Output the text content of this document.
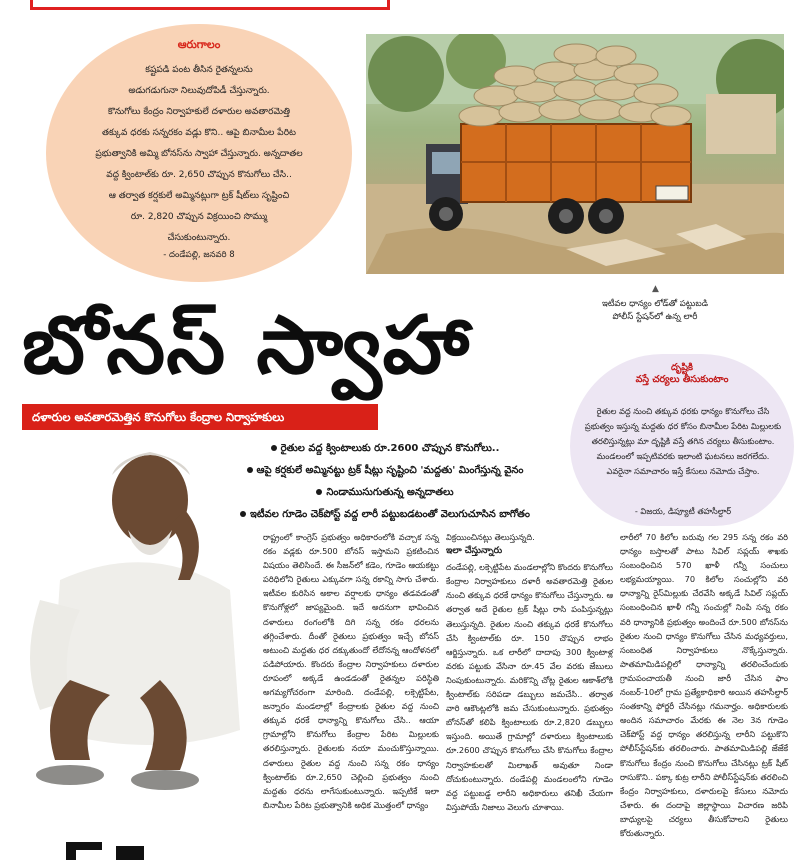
ఆరుగాలం
కష్టపడి పంట తీసిన రైతన్నలను
అడుగడుగునా నిలువుదోపిడీ చేస్తున్నారు.
కొనుగోలు కేంద్రం నిర్వాహకులే దళారుల అవతారమెత్తి
తక్కువ ధరకు సన్నరకం వడ్లు కొని.. ఆపై బినామీల పేరిట
ప్రభుత్వానికి అమ్మి బోనస్‌ను స్వాహా చేస్తున్నారు. అన్నదాతల
వద్ద క్వింటాల్‌కు రూ. 2,650 చొప్పున కొనుగోలు చేసి..
ఆ తర్వాత కర్షకులే అమ్మినట్లుగా ట్రక్ షీట్‌లు సృష్టించి
రూ. 2,820 చొప్పున విక్రయించి సొమ్ము
చేసుకుంటున్నారు.
- దండేపల్లి, జనవరి 8
▲
ఇటీవల ధాన్యం లోడ్‌తో పట్టుబడి పోలీస్ స్టేషన్‌లో ఉన్న లారీ
బోనస్ స్వాహా
దళారుల అవతారమెత్తిన కొనుగోలు కేంద్రాల నిర్వాహకులు
దృష్టికి
వస్తే చర్యలు తీసుకుంటాం
రైతుల వద్ద నుంచి తక్కువ ధరకు ధాన్యం కొనుగోలు చేసి ప్రభుత్వం ఇస్తున్న మద్దతు ధర కోసం బినామీల పేరిట మిల్లులకు తరలిస్తున్నట్లు మా దృష్టికి వస్తే తగిన చర్యలు తీసుకుంటాం. మండలంలో ఇప్పటివరకు ఇలాంటి ఘటనలు జరగలేదు. ఎవరైనా సమాచారం ఇస్తే కేసులు నమోదు చేస్తాం.
- విజయ, డిప్యూటీ తహసీల్దార్
రైతుల వద్ద క్వింటాలుకు రూ.2600 చొప్పున కొనుగోలు..
ఆపై కర్షకులే అమ్మినట్టు ట్రక్ షీట్లు సృష్టించి 'మద్దతు' మింగేస్తున్న వైనం
నిండాముసుగుతున్న అన్నదాతలు
ఇటీవల గూడెం చెక్‌పోస్ట్ వద్ద లారీ పట్టుబడటంతో వెలుగుచూసిన బాగోతం
రాష్ట్రంలో కాంగ్రెస్ ప్రభుత్వం అధికారంలోకి వచ్చాక సన్న రకం వడ్లకు రూ.500 బోనస్ ఇస్తామని ప్రకటించిన విషయం తెలిసిందే. ఈ సీజన్‌లో కడెం, గూడెం ఆయకట్టు పరిధిలోని రైతులు ఎక్కువగా సన్న రకాన్ని సాగు చేశారు. ఇటీవల కురిసిన అకాల వర్షాలకు ధాన్యం తడవడంతో కొనుగోళ్లలో జాప్యమైంది. ఇదే అదనుగా భావించిన దళారులు రంగంలోకి దిగి సన్న రకం ధరలను తగ్గించేశారు. దీంతో రైతులు ప్రభుత్వం ఇచ్చే బోనస్ అటుంచి మద్దతు ధర దక్కుతుందో లేదోనన్న ఆందోళనలో పడిపోయారు. కొందరు కేంద్రాల నిర్వాహకులు దళారుల రూపంలో అక్కడే ఉండడంతో రైతన్నల పరిస్థితి అగమ్యగోచరంగా మారింది. దండేపల్లి, లక్సెట్టిపేట, జన్నారం మండలాల్లో కేంద్రాలకు రైతుల వద్ద నుంచి తక్కువ ధరకే ధాన్యాన్ని కొనుగోలు చేసి.. ఆయా గ్రామాల్లోని కొనుగోలు కేంద్రాల పేరిట మిల్లులకు తరలిస్తున్నారు. రైతులకు నయా మంచుకొస్తున్నాయి. దళారులు రైతుల వద్ద నుంచి సన్న రకం ధాన్యం క్వింటాల్‌కు రూ.2,650 చెల్లించి ప్రభుత్వం నుంచి మద్దతు ధరను లాగేసుకుంటున్నారు. ఇప్పటికే ఇలా బినామీల పేరిట ప్రభుత్వానికి అధిక మొత్తంలో ధాన్యం
విక్రయించినట్లు తెలుస్తున్నది.
ఇలా చేస్తున్నారు
దండేపల్లి, లక్సెట్టిపేట మండలాల్లోని కొందరు కొనుగోలు కేంద్రాల నిర్వాహకులు దళారీ అవతారమెత్తి రైతుల నుంచి తక్కువ ధరకే ధాన్యం కొనుగోలు చేస్తున్నారు. ఆ తర్వాత అదే రైతుల ట్రక్ షీట్లు రాసి పంపిస్తున్నట్లు తెలుస్తున్నది. రైతుల నుంచి తక్కువ ధరకే కొనుగోలు చేసి క్వింటాల్‌కు రూ. 150 చొప్పున లాభం ఆర్జిస్తున్నారు. ఒక లారీలో దాదాపు 300 క్వింటాళ్ల వరకు పట్టుకు వేసినా రూ.45 వేల వరకు జేబులు నింపుకుంటున్నారు. మరికొన్ని చోట్ల రైతుల ఆకాశ్‌లోకి క్వింటాల్‌కు సరిపడా డబ్బులు జమచేసి.. తర్వాత వారి ఆకౌంట్లలోకి జమ చేసుకుంటున్నారు. ప్రభుత్వం బోనస్‌తో కలిపి క్వింటాలుకు రూ.2,820 డబ్బులు ఇస్తుంది. అయితే గ్రామాల్లో దళారులు క్వింటాలుకు రూ.2600 చొప్పున కొనుగోలు చేసి కొనుగోలు కేంద్రాల నిర్వాహకులతో మిలాఖత్ అవుతూ నిండా దోచుకుంటున్నారు. దండేపల్లి మండలంలోని గూడెం వద్ద పట్టుబడ్డ లారీని అధికారులు తనిఖీ చేయగా విస్తుపోయే నిజాలు వెలుగు చూశాయి.
లారీలో 70 కిలోల బరువు గల 295 సన్న రకం వరి ధాన్యం బస్తాలతో పాటు సివిల్ సప్లయ్ శాఖకు సంబంధించిన 570 ఖాళీ గన్నీ సంచులు లభ్యమయ్యాయి. 70 కిలోల సంచుల్లోని వరి ధాన్యాన్ని రైస్‌మిల్లుకు చేరవేసి అక్కడే సివిల్ సప్లయ్ సంబంధించిన ఖాళీ గన్నీ సంచుల్లో నింపి సన్న రకం వరి ధాన్యానికి ప్రభుత్వం అందించే రూ.500 బోనస్‌ను రైతుల నుంచి ధాన్యం కొనుగోలు చేసిన మధ్యవర్తులు, సంబంధిత నిర్వాహకులు నొక్కేస్తున్నారు. పాతమామిడిపల్లిలో ధాన్యాన్ని తరలించేందుకు గ్రామపంచాయతీ నుంచి జారీ చేసిన ఫాం నంబర్-10లో గ్రామ ప్రత్యేకాధికారి అయిన తహసీల్దార్ సంతకాన్ని ఫోర్జరీ చేసినట్లు గమనార్హం. అధికారులకు అందిన సమాచారం మేరకు ఈ నెల 3న గూడెం చెక్‌పోస్ట్ వద్ద ధాన్యం తరలిస్తున్న లారీని పట్టుకొని పోలీస్‌స్టేషన్‌కు తరలించారు. పాతమామిడిపల్లి జేజేకే కొనుగోలు కేంద్రం నుంచి కొనుగోలు చేసినట్లు ట్రక్ షీట్ రాసుకొని.. పక్కా కుట్ర లారీని పోలీస్‌స్టేషన్‌కు తరలించి కేంద్రం నిర్వాహకులు, దళారులపై కేసులు నమోదు చేశారు. ఈ దందాపై జిల్లాస్థాయి విచారణ జరిపి బాధ్యులపై చర్యలు తీసుకోవాలని రైతులు కోరుతున్నారు.
